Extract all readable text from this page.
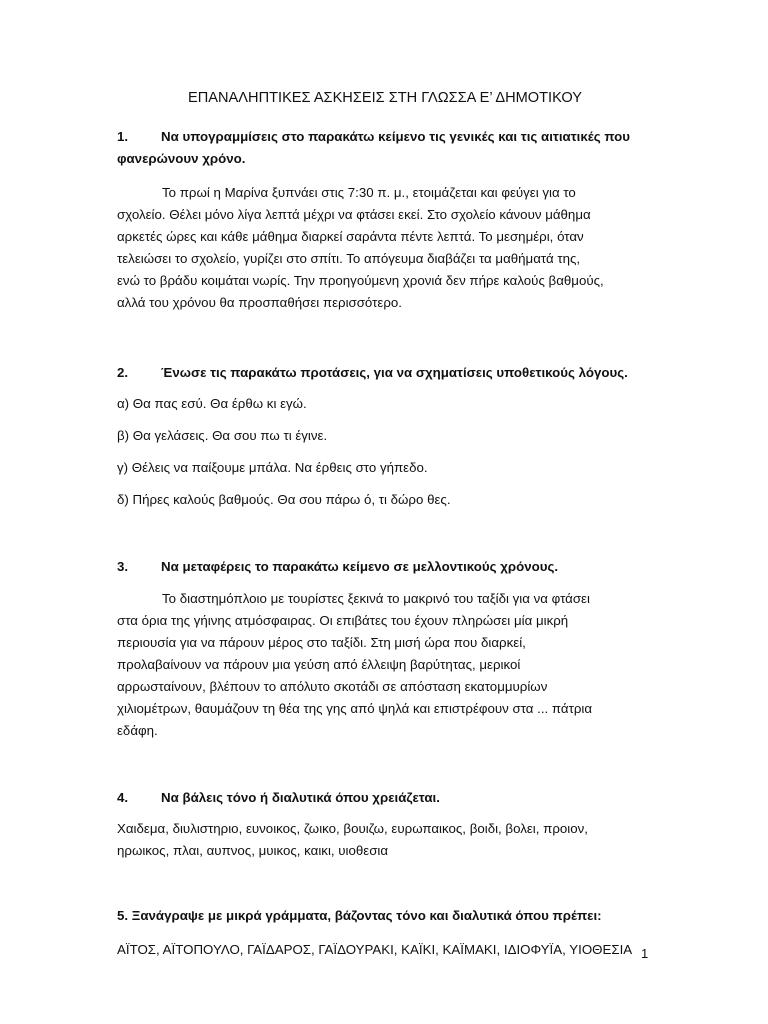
ΕΠΑΝΑΛΗΠΤΙΚΕΣ ΑΣΚΗΣΕΙΣ ΣΤΗ ΓΛΩΣΣΑ Ε’ ΔΗΜΟΤΙΚΟΥ

1. Να υπογραμμίσεις στο παρακάτω κείμενο τις γενικές και τις αιτιατικές που

φανερώνουν χρόνο.

Το πρωί η Μαρίνα ξυπνάει στις 7:30 π. μ., ετοιμάζεται και φεύγει για το

σχολείο. Θέλει μόνο λίγα λεπτά μέχρι να φτάσει εκεί. Στο σχολείο κάνουν μάθημα

αρκετές ώρες και κάθε μάθημα διαρκεί σαράντα πέντε λεπτά. Το μεσημέρι, όταν

τελειώσει το σχολείο, γυρίζει στο σπίτι. Το απόγευμα διαβάζει τα μαθήματά της,

ενώ το βράδυ κοιμάται νωρίς. Την προηγούμενη χρονιά δεν πήρε καλούς βαθμούς,

αλλά του χρόνου θα προσπαθήσει περισσότερο.

2. Ένωσε τις παρακάτω προτάσεις, για να σχηματίσεις υποθετικούς λόγους.

α) Θα πας εσύ. Θα έρθω κι εγώ.

β) Θα γελάσεις. Θα σου πω τι έγινε.

γ) Θέλεις να παίξουμε μπάλα. Να έρθεις στο γήπεδο.

δ) Πήρες καλούς βαθμούς. Θα σου πάρω ό, τι δώρο θες.

3. Να μεταφέρεις το παρακάτω κείμενο σε μελλοντικούς χρόνους.

Το διαστημόπλοιο με τουρίστες ξεκινά το μακρινό του ταξίδι για να φτάσει

στα όρια της γήινης ατμόσφαιρας. Οι επιβάτες του έχουν πληρώσει μία μικρή

περιουσία για να πάρουν μέρος στο ταξίδι. Στη μισή ώρα που διαρκεί,

προλαβαίνουν να πάρουν μια γεύση από έλλειψη βαρύτητας, μερικοί

αρρωσταίνουν, βλέπουν το απόλυτο σκοτάδι σε απόσταση εκατομμυρίων

χιλιομέτρων, θαυμάζουν τη θέα της γης από ψηλά και επιστρέφουν στα ... πάτρια

εδάφη.

4. Να βάλεις τόνο ή διαλυτικά όπου χρειάζεται.

Χαιδεμα, διυλιστηριο, ευνοικος, ζωικο, βουιζω, ευρωπαικος, βοιδι, βολει, προιον,

ηρωικος, πλαι, αυπνος, μυικος, καικι, υιοθεσια

5. Ξανάγραψε με μικρά γράμματα, βάζοντας τόνο και διαλυτικά όπου πρέπει:

ΑΪΤΟΣ, ΑΪΤΟΠΟΥΛΟ, ΓΑΪΔΑΡΟΣ, ΓΑΪΔΟΥΡΑΚΙ, ΚΑΪΚΙ, ΚΑΪΜΑΚΙ, ΙΔΙΟΦΥΪΑ, ΥΙΟΘΕΣΙΑ 1
